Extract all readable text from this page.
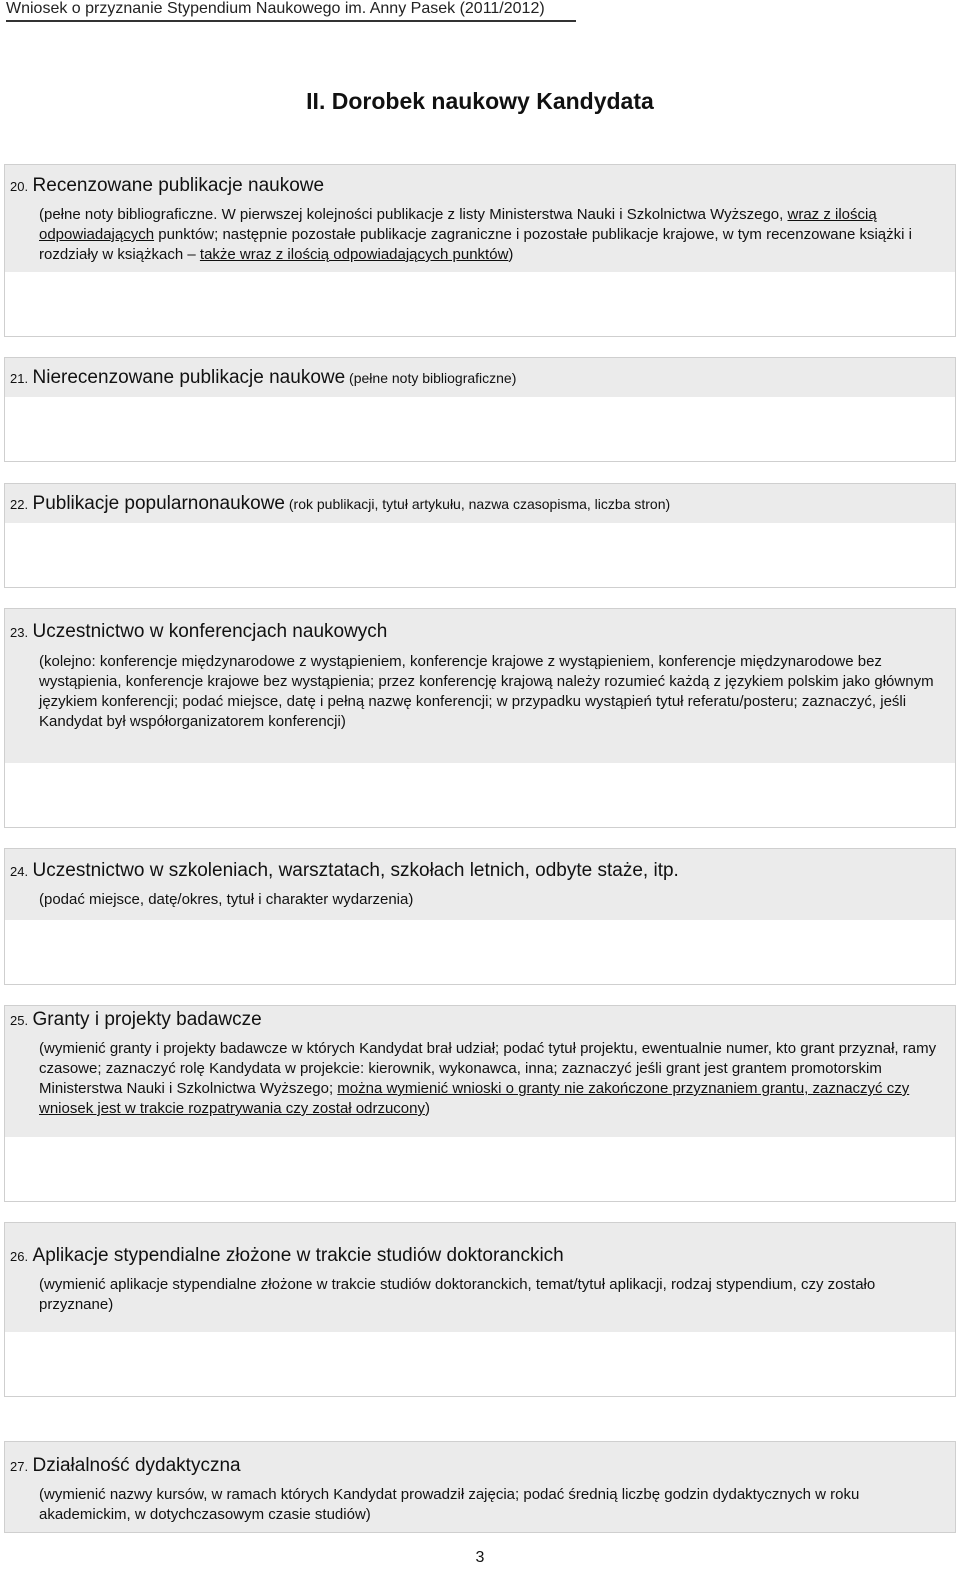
Wniosek o przyznanie Stypendium Naukowego im. Anny Pasek (2011/2012)
II. Dorobek naukowy Kandydata
20. Recenzowane publikacje naukowe
(pełne noty bibliograficzne. W pierwszej kolejności publikacje z listy Ministerstwa Nauki i Szkolnictwa Wyższego, wraz z ilością odpowiadających punktów; następnie pozostałe publikacje zagraniczne i pozostałe publikacje krajowe, w tym recenzowane książki i rozdziały w książkach – także wraz z ilością odpowiadających punktów)
21. Nierecenzowane publikacje naukowe (pełne noty bibliograficzne)
22. Publikacje popularnonaukowe (rok publikacji, tytuł artykułu, nazwa czasopisma, liczba stron)
23. Uczestnictwo w konferencjach naukowych
(kolejno: konferencje międzynarodowe z wystąpieniem, konferencje krajowe z wystąpieniem, konferencje międzynarodowe bez wystąpienia, konferencje krajowe bez wystąpienia; przez konferencję krajową należy rozumieć każdą z językiem polskim jako głównym językiem konferencji; podać miejsce, datę i pełną nazwę konferencji; w przypadku wystąpień tytuł referatu/posteru; zaznaczyć, jeśli Kandydat był współorganizatorem konferencji)
24. Uczestnictwo w szkoleniach, warsztatach, szkołach letnich, odbyte staże, itp.
(podać miejsce, datę/okres, tytuł i charakter wydarzenia)
25. Granty i projekty badawcze
(wymienić granty i projekty badawcze w których Kandydat brał udział; podać tytuł projektu, ewentualnie numer, kto grant przyznał, ramy czasowe; zaznaczyć rolę Kandydata w projekcie: kierownik, wykonawca, inna; zaznaczyć jeśli grant jest grantem promotorskim Ministerstwa Nauki i Szkolnictwa Wyższego; można wymienić wnioski o granty nie zakończone przyznaniem grantu, zaznaczyć czy wniosek jest w trakcie rozpatrywania czy został odrzucony)
26. Aplikacje stypendialne złożone w trakcie studiów doktoranckich
(wymienić aplikacje stypendialne złożone w trakcie studiów doktoranckich, temat/tytuł aplikacji, rodzaj stypendium, czy zostało przyznane)
27. Działalność dydaktyczna
(wymienić nazwy kursów, w ramach których Kandydat prowadził zajęcia; podać średnią liczbę godzin dydaktycznych w roku akademickim, w dotychczasowym czasie studiów)
3
